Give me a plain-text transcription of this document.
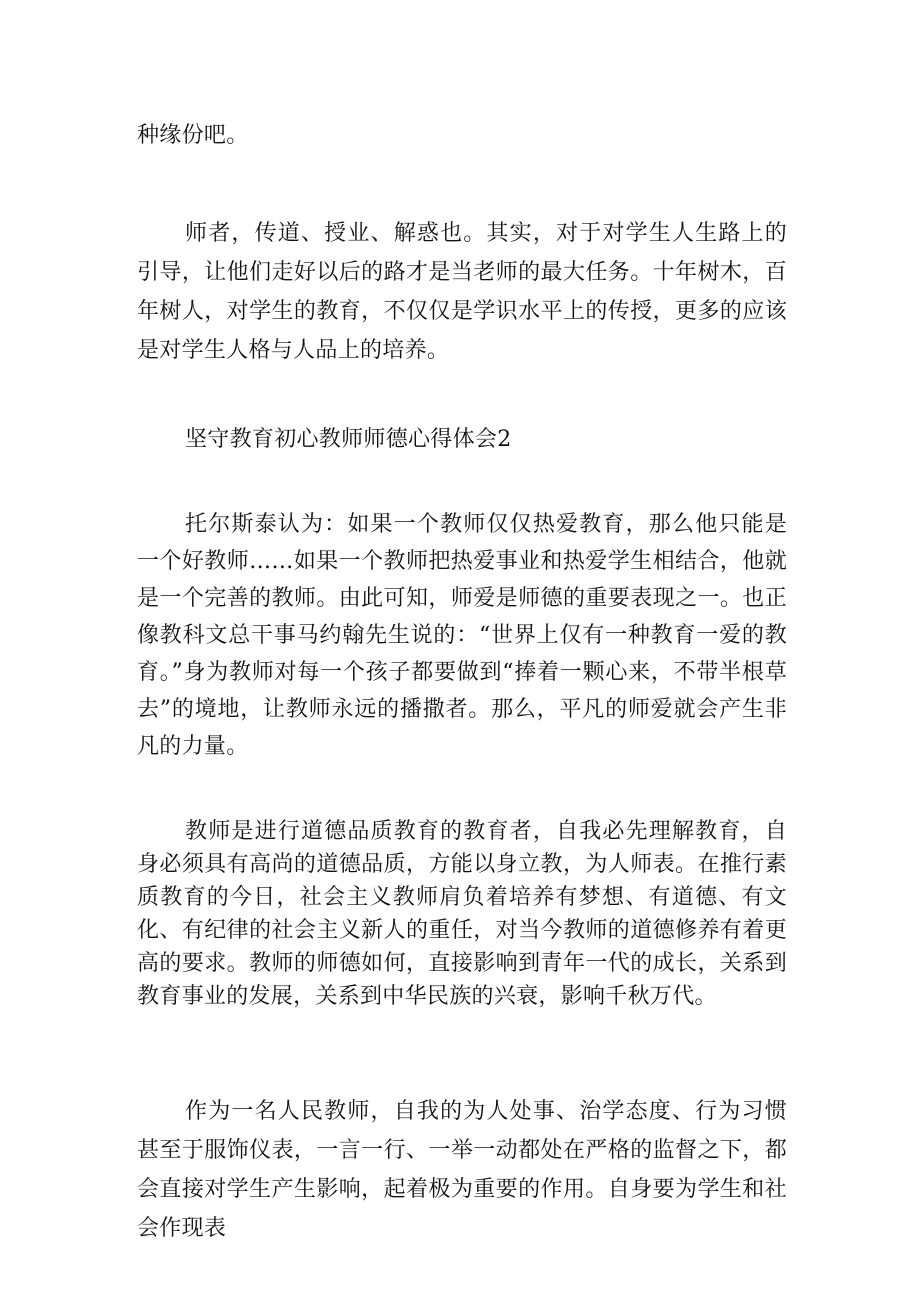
种缘份吧。

师者，传道、授业、解惑也。其实，对于对学生人生路上的引导，让他们走好以后的路才是当老师的最大任务。十年树木，百年树人，对学生的教育，不仅仅是学识水平上的传授，更多的应该是对学生人格与人品上的培养。

坚守教育初心教师师德心得体会2

托尔斯泰认为：如果一个教师仅仅热爱教育，那么他只能是一个好教师……如果一个教师把热爱事业和热爱学生相结合，他就是一个完善的教师。由此可知，师爱是师德的重要表现之一。也正像教科文总干事马约翰先生说的：“世界上仅有一种教育一爱的教育。”身为教师对每一个孩子都要做到“捧着一颗心来，不带半根草去”的境地，让教师永远的播撒者。那么，平凡的师爱就会产生非凡的力量。

教师是进行道德品质教育的教育者，自我必先理解教育，自身必须具有高尚的道德品质，方能以身立教，为人师表。在推行素质教育的今日，社会主义教师肩负着培养有梦想、有道德、有文化、有纪律的社会主义新人的重任，对当今教师的道德修养有着更高的要求。教师的师德如何，直接影响到青年一代的成长，关系到教育事业的发展，关系到中华民族的兴衰，影响千秋万代。

作为一名人民教师，自我的为人处事、治学态度、行为习惯甚至于服饰仪表，一言一行、一举一动都处在严格的监督之下，都会直接对学生产生影响，起着极为重要的作用。自身要为学生和社会作现表
